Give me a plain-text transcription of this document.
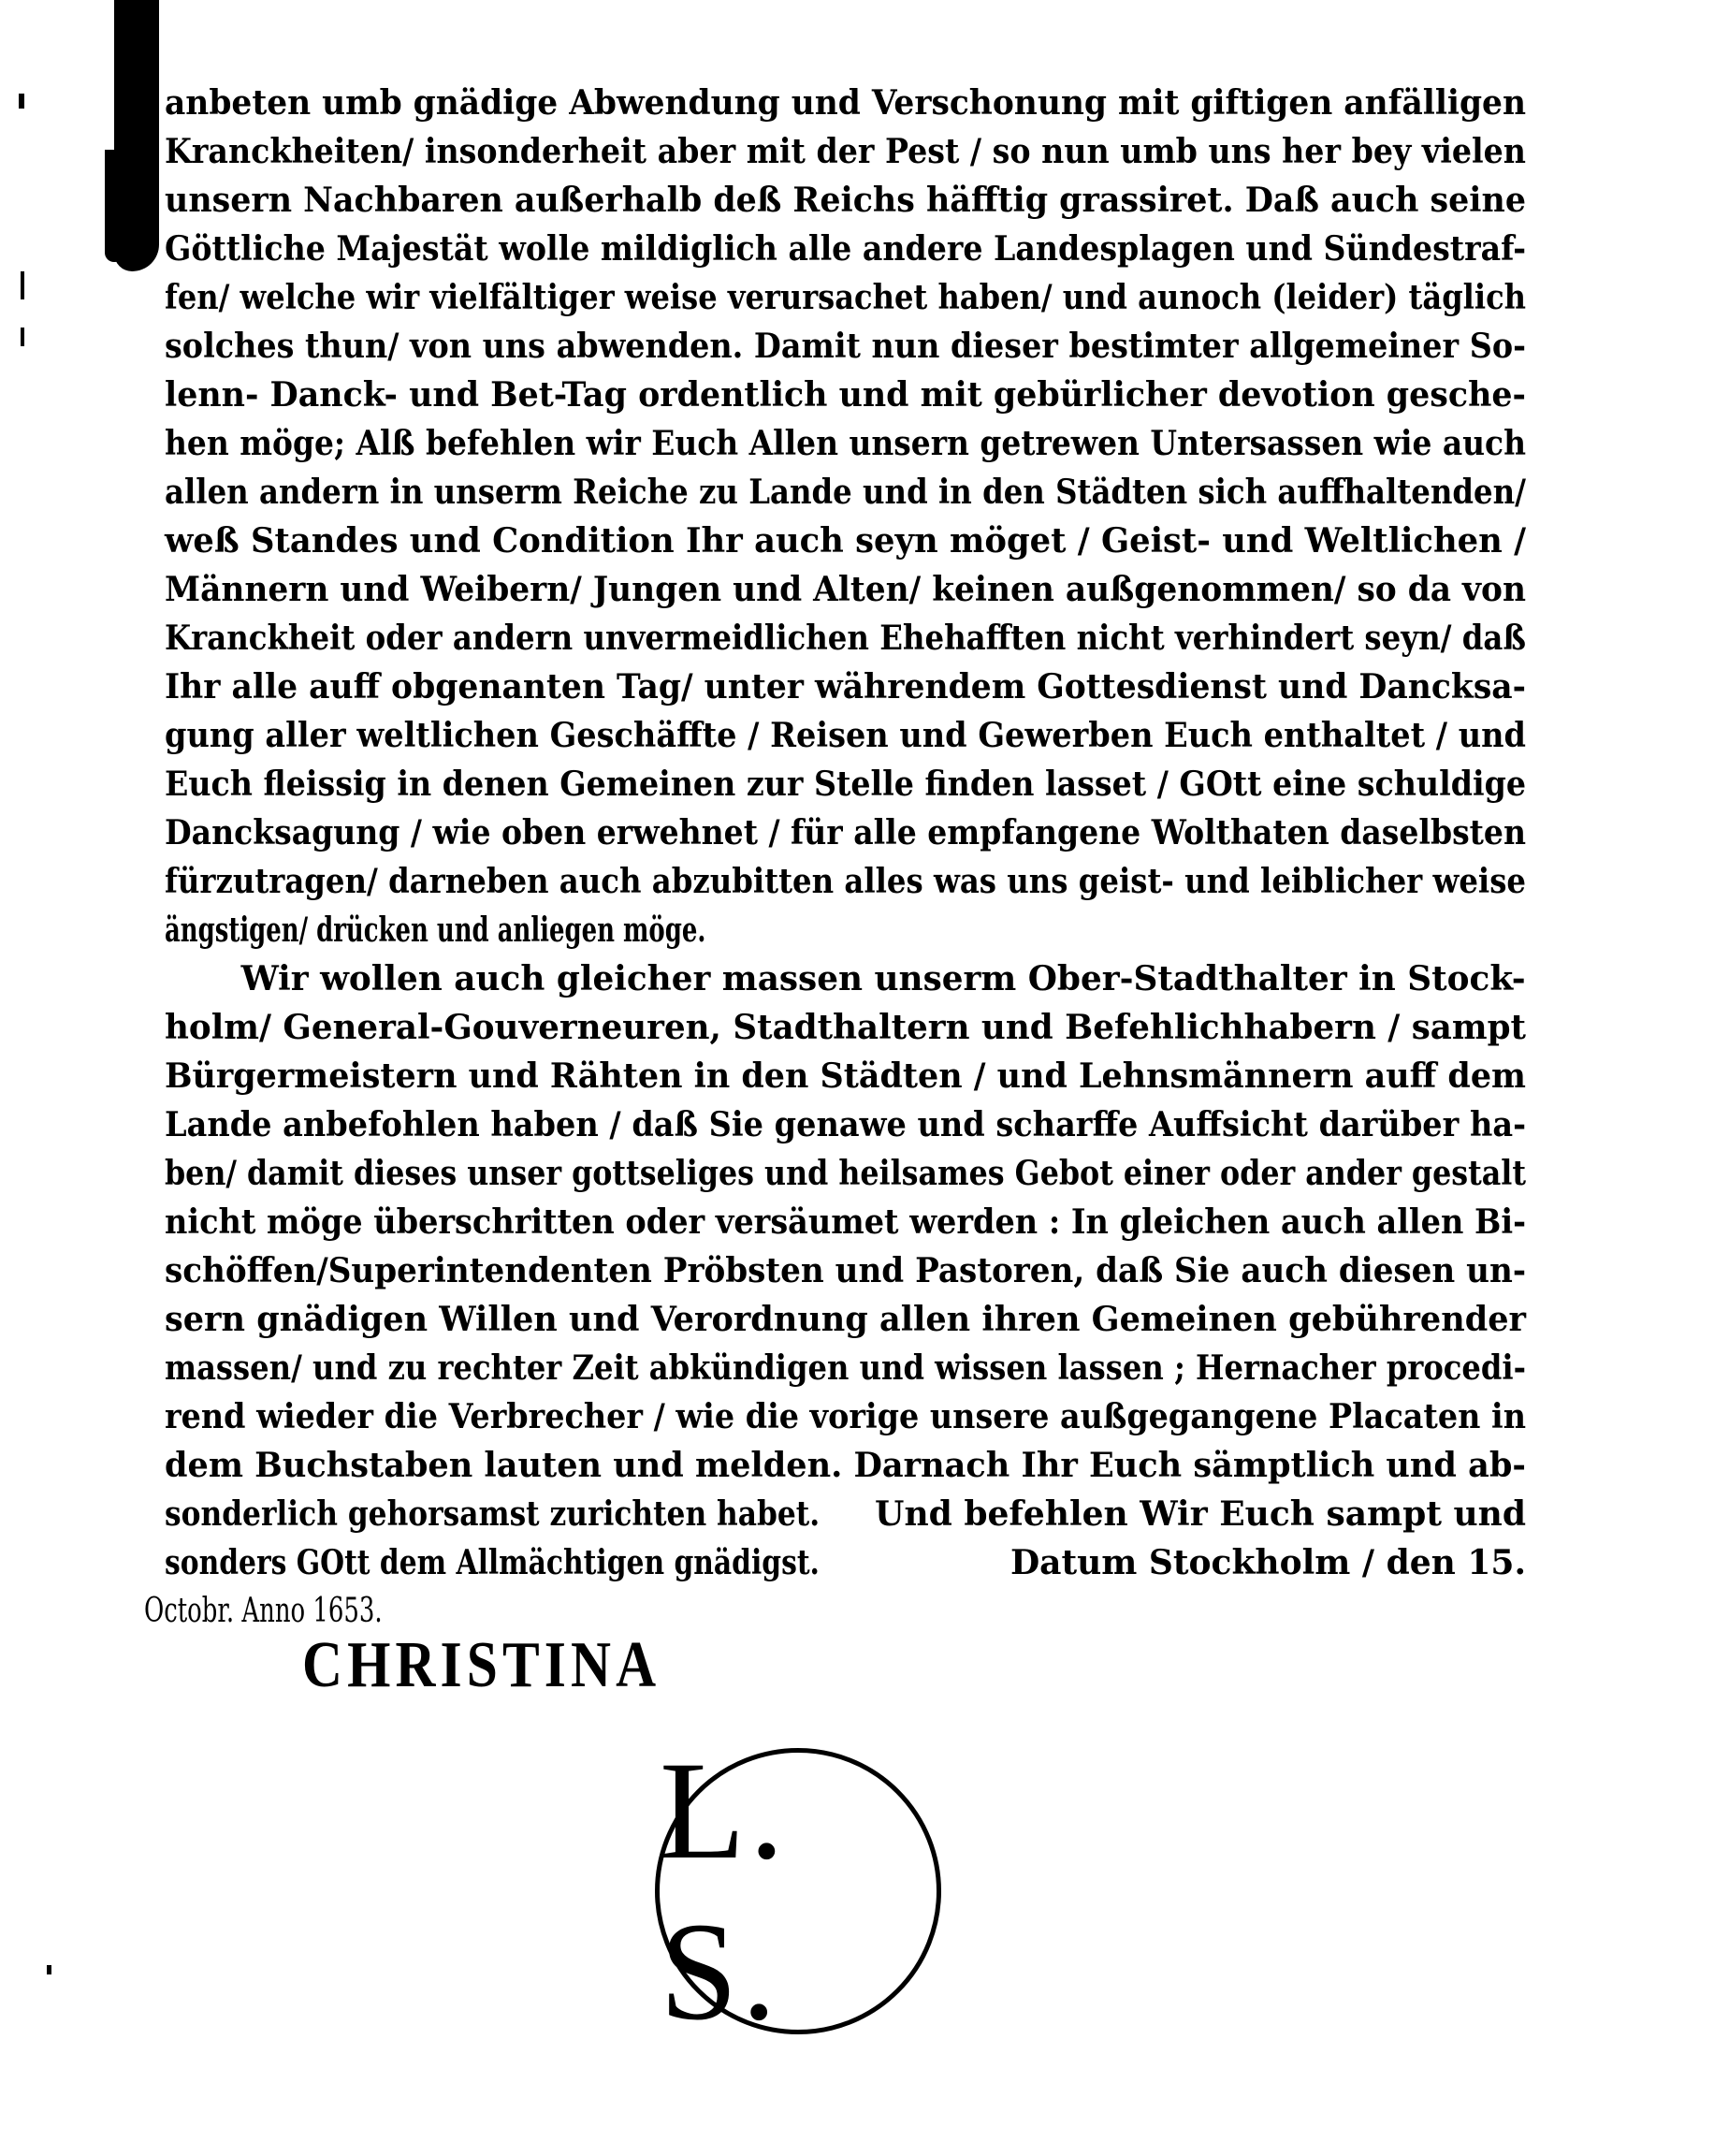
anbeten umb gnädige Abwendung und Verschonung mit giftigen anfälligen
Kranckheiten/ insonderheit aber mit der Pest / so nun umb uns her bey vielen
unsern Nachbaren außerhalb deß Reichs häfftig grassiret. Daß auch seine
Göttliche Majestät wolle mildiglich alle andere Landesplagen und Sündestraf-
fen/ welche wir vielfältiger weise verursachet haben/ und aunoch (leider) täglich
solches thun/ von uns abwenden. Damit nun dieser bestimter allgemeiner So-
lenn- Danck- und Bet-Tag ordentlich und mit gebürlicher devotion gesche-
hen möge; Alß befehlen wir Euch Allen unsern getrewen Untersassen wie auch
allen andern in unserm Reiche zu Lande und in den Städten sich auffhaltenden/
weß Standes und Condition Ihr auch seyn möget / Geist- und Weltlichen /
Männern und Weibern/ Jungen und Alten/ keinen außgenommen/ so da von
Kranckheit oder andern unvermeidlichen Ehehafften nicht verhindert seyn/ daß
Ihr alle auff obgenanten Tag/ unter währendem Gottesdienst und Dancksa-
gung aller weltlichen Geschäffte / Reisen und Gewerben Euch enthaltet / und
Euch fleissig in denen Gemeinen zur Stelle finden lasset / GOtt eine schuldige
Dancksagung / wie oben erwehnet / für alle empfangene Wolthaten daselbsten
fürzutragen/ darneben auch abzubitten alles was uns geist- und leiblicher weise
ängstigen/ drücken und anliegen möge.
Wir wollen auch gleicher massen unserm Ober-Stadthalter in Stock-
holm/ General-Gouverneuren, Stadthaltern und Befehlichhabern / sampt
Bürgermeistern und Rähten in den Städten / und Lehnsmännern auff dem
Lande anbefohlen haben / daß Sie genawe und scharffe Auffsicht darüber ha-
ben/ damit dieses unser gottseliges und heilsames Gebot einer oder ander gestalt
nicht möge überschritten oder versäumet werden : In gleichen auch allen Bi-
schöffen/Superintendenten Pröbsten und Pastoren, daß Sie auch diesen un-
sern gnädigen Willen und Verordnung allen ihren Gemeinen gebührender
massen/ und zu rechter Zeit abkündigen und wissen lassen ; Hernacher procedi-
rend wieder die Verbrecher / wie die vorige unsere außgegangene Placaten in
dem Buchstaben lauten und melden. Darnach Ihr Euch sämptlich und ab-
sonderlich gehorsamst zurichten habet. Und befehlen Wir Euch sampt und
sonders GOtt dem Allmächtigen gnädigst.	Datum Stockholm / den 15.
Octobr. Anno 1653.
CHRISTINA
L. S.
